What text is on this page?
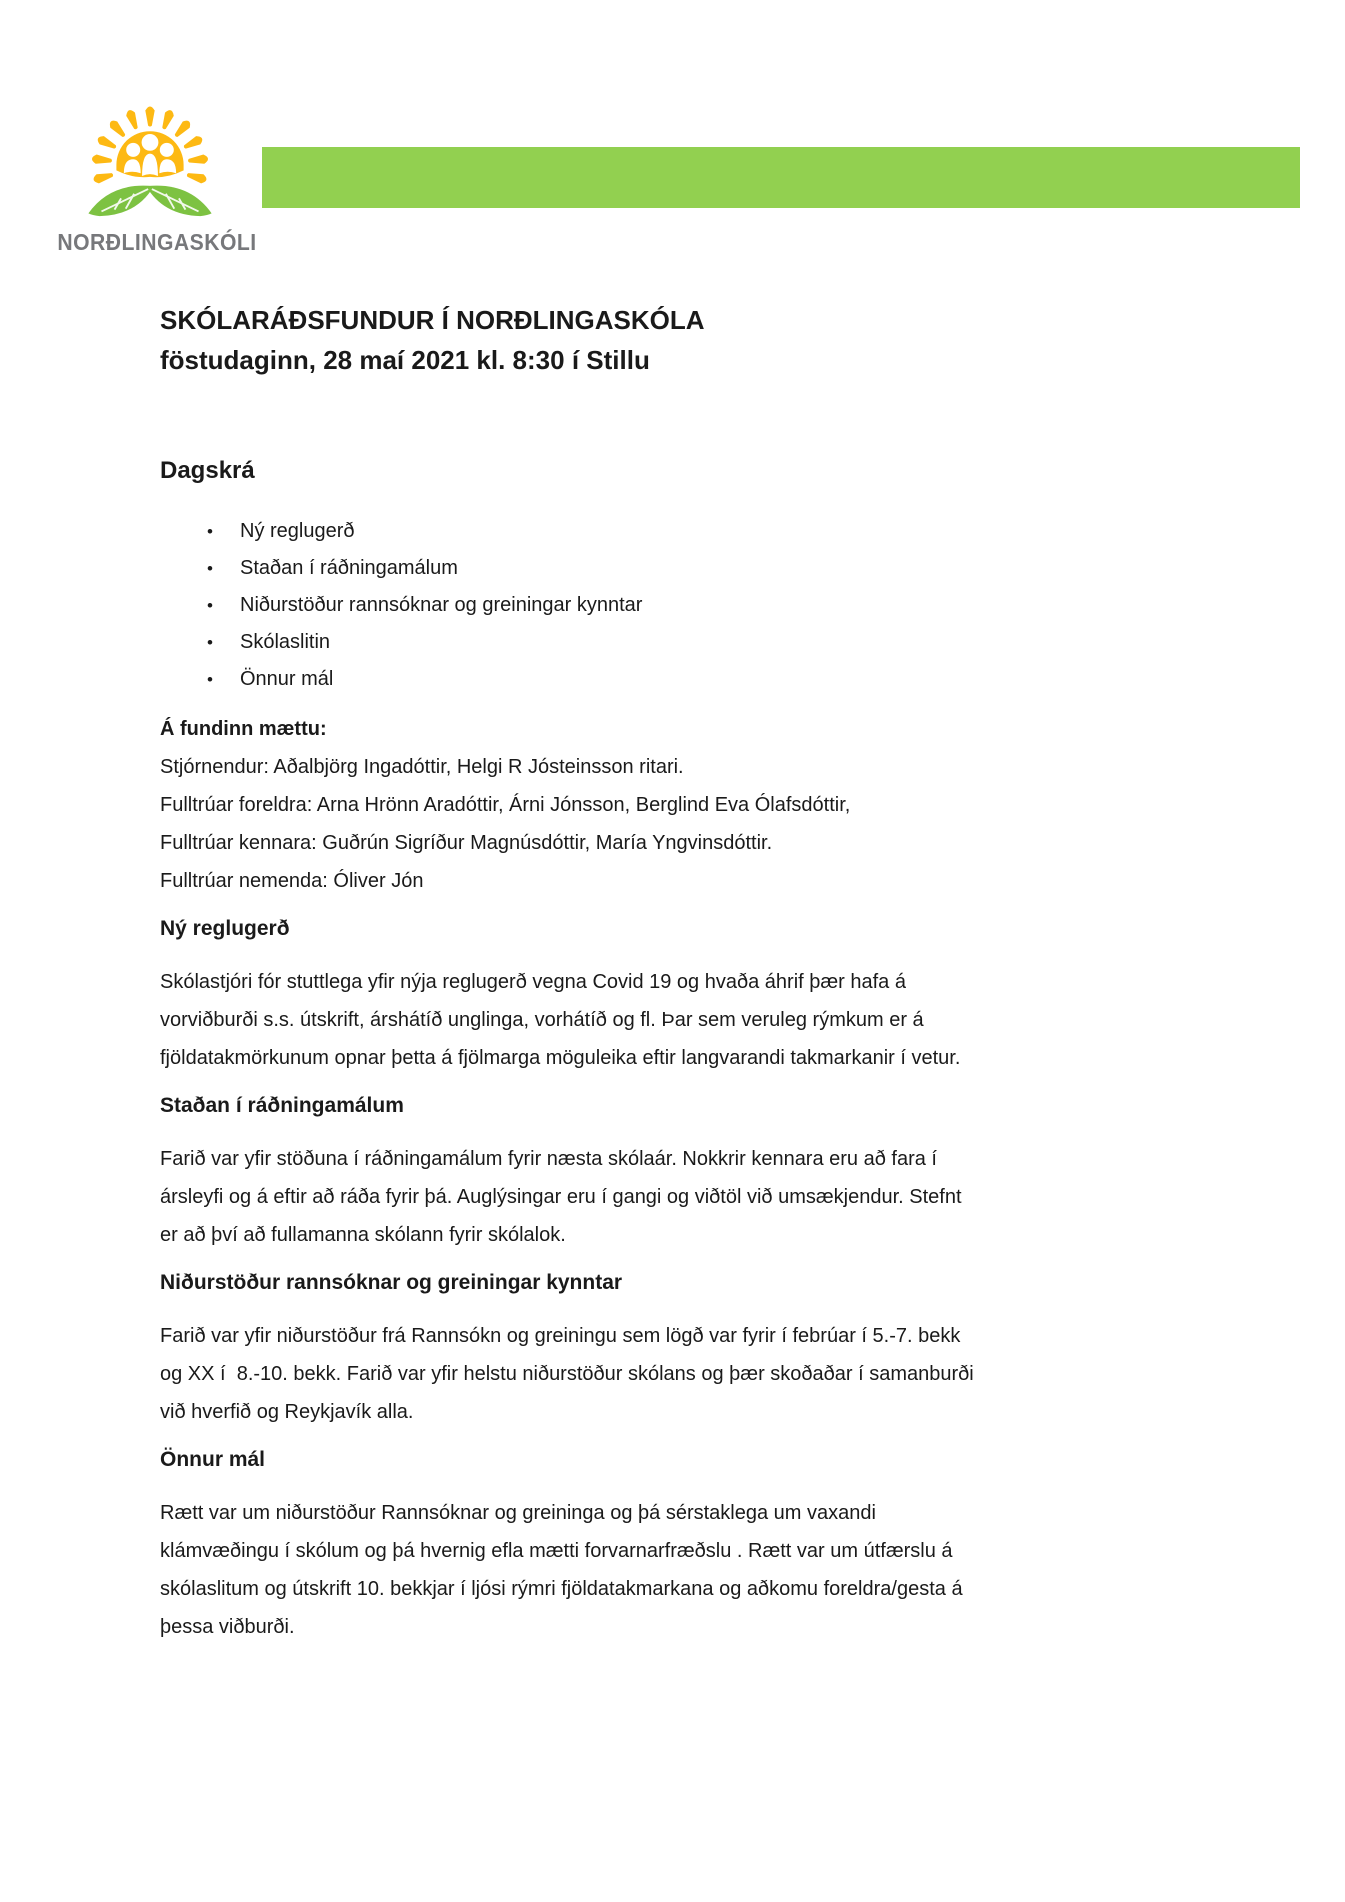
NORÐLINGASKÓLI
SKÓLARÁÐSFUNDUR Í NORÐLINGASKÓLA
föstudaginn, 28 maí 2021 kl. 8:30 í Stillu
Dagskrá
•	Ný reglugerð
•	Staðan í ráðningamálum
•	Niðurstöður rannsóknar og greiningar kynntar
•	Skólaslitin
•	Önnur mál
Á fundinn mættu:
Stjórnendur: Aðalbjörg Ingadóttir, Helgi R Jósteinsson ritari.
Fulltrúar foreldra: Arna Hrönn Aradóttir, Árni Jónsson, Berglind Eva Ólafsdóttir,
Fulltrúar kennara: Guðrún Sigríður Magnúsdóttir, María Yngvinsdóttir.
Fulltrúar nemenda: Óliver Jón
Ný reglugerð
Skólastjóri fór stuttlega yfir nýja reglugerð vegna Covid 19 og hvaða áhrif þær hafa á
vorviðburði s.s. útskrift, árshátíð unglinga, vorhátíð og fl. Þar sem veruleg rýmkum er á
fjöldatakmörkunum opnar þetta á fjölmarga möguleika eftir langvarandi takmarkanir í vetur.
Staðan í ráðningamálum
Farið var yfir stöðuna í ráðningamálum fyrir næsta skólaár. Nokkrir kennara eru að fara í
ársleyfi og á eftir að ráða fyrir þá. Auglýsingar eru í gangi og viðtöl við umsækjendur. Stefnt
er að því að fullamanna skólann fyrir skólalok.
Niðurstöður rannsóknar og greiningar kynntar
Farið var yfir niðurstöður frá Rannsókn og greiningu sem lögð var fyrir í febrúar í 5.-7. bekk
og XX í  8.-10. bekk. Farið var yfir helstu niðurstöður skólans og þær skoðaðar í samanburði
við hverfið og Reykjavík alla.
Önnur mál
Rætt var um niðurstöður Rannsóknar og greininga og þá sérstaklega um vaxandi
klámvæðingu í skólum og þá hvernig efla mætti forvarnarfræðslu . Rætt var um útfærslu á
skólaslitum og útskrift 10. bekkjar í ljósi rýmri fjöldatakmarkana og aðkomu foreldra/gesta á
þessa viðburði.
